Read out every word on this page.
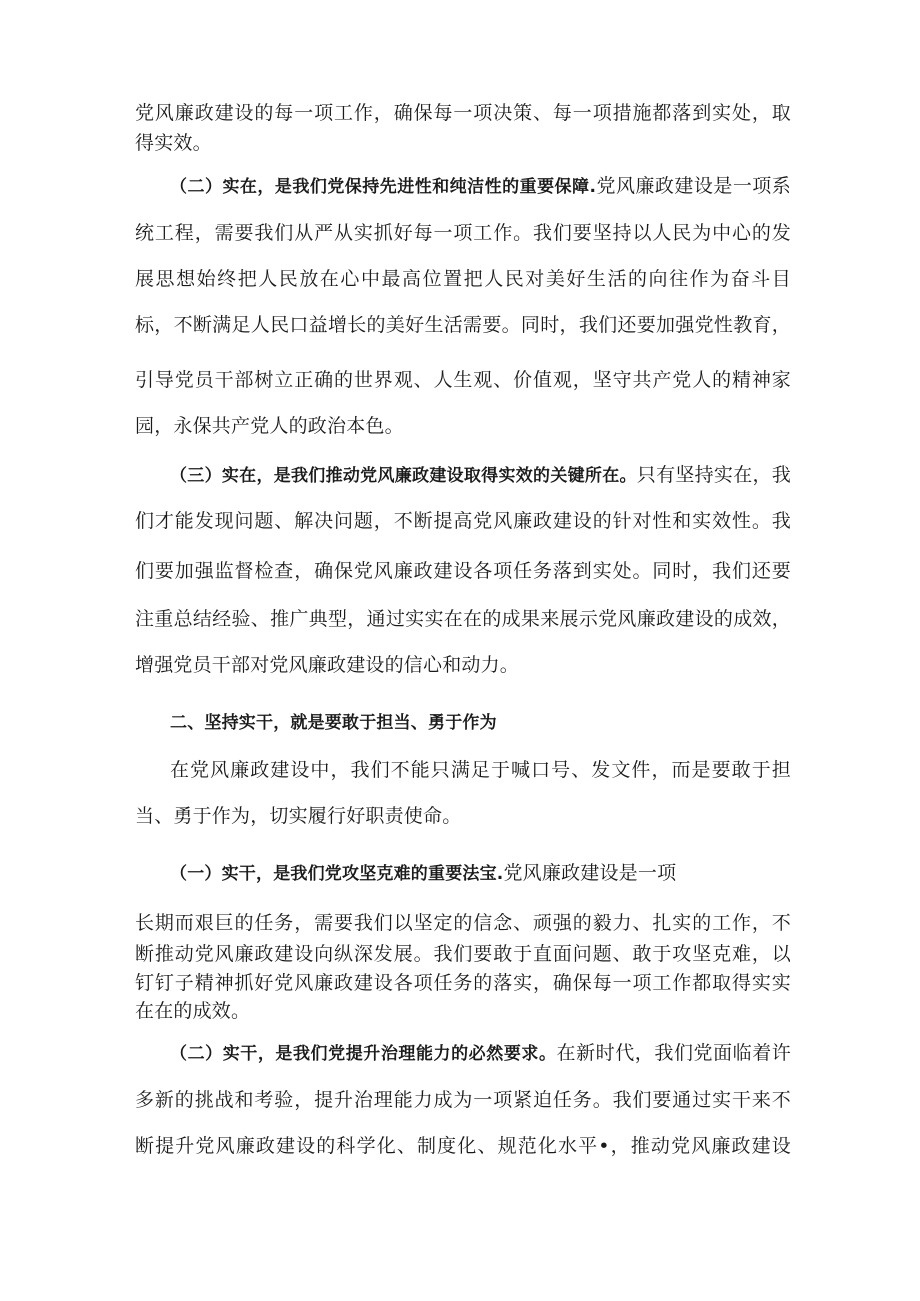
党风廉政建设的每一项工作，确保每一项决策、每一项措施都落到实处，取
得实效。
（二）实在，是我们党保持先进性和纯洁性的重要保障.党风廉政建设是一项系
统工程，需要我们从严从实抓好每一项工作。我们要坚持以人民为中心的发
展思想始终把人民放在心中最高位置把人民对美好生活的向往作为奋斗目
标，不断满足人民口益增长的美好生活需要。同时，我们还要加强党性教育，
引导党员干部树立正确的世界观、人生观、价值观，坚守共产党人的精神家
园，永保共产党人的政治本色。
（三）实在，是我们推动党风廉政建设取得实效的关键所在。只有坚持实在，我
们才能发现问题、解决问题，不断提高党风廉政建设的针对性和实效性。我
们要加强监督检查，确保党风廉政建设各项任务落到实处。同时，我们还要
注重总结经验、推广典型，通过实实在在的成果来展示党风廉政建设的成效，
增强党员干部对党风廉政建设的信心和动力。
二、坚持实干，就是要敢于担当、勇于作为
在党风廉政建设中，我们不能只满足于喊口号、发文件，而是要敢于担
当、勇于作为，切实履行好职责使命。
（一）实干，是我们党攻坚克难的重要法宝.党风廉政建设是一项
长期而艰巨的任务，需要我们以坚定的信念、顽强的毅力、扎实的工作，不
断推动党风廉政建设向纵深发展。我们要敢于直面问题、敢于攻坚克难，以
钉钉子精神抓好党风廉政建设各项任务的落实，确保每一项工作都取得实实
在在的成效。
（二）实干，是我们党提升治理能力的必然要求。在新时代，我们党面临着许
多新的挑战和考验，提升治理能力成为一项紧迫任务。我们要通过实干来不
断提升党风廉政建设的科学化、制度化、规范化水平•，推动党风廉政建设
